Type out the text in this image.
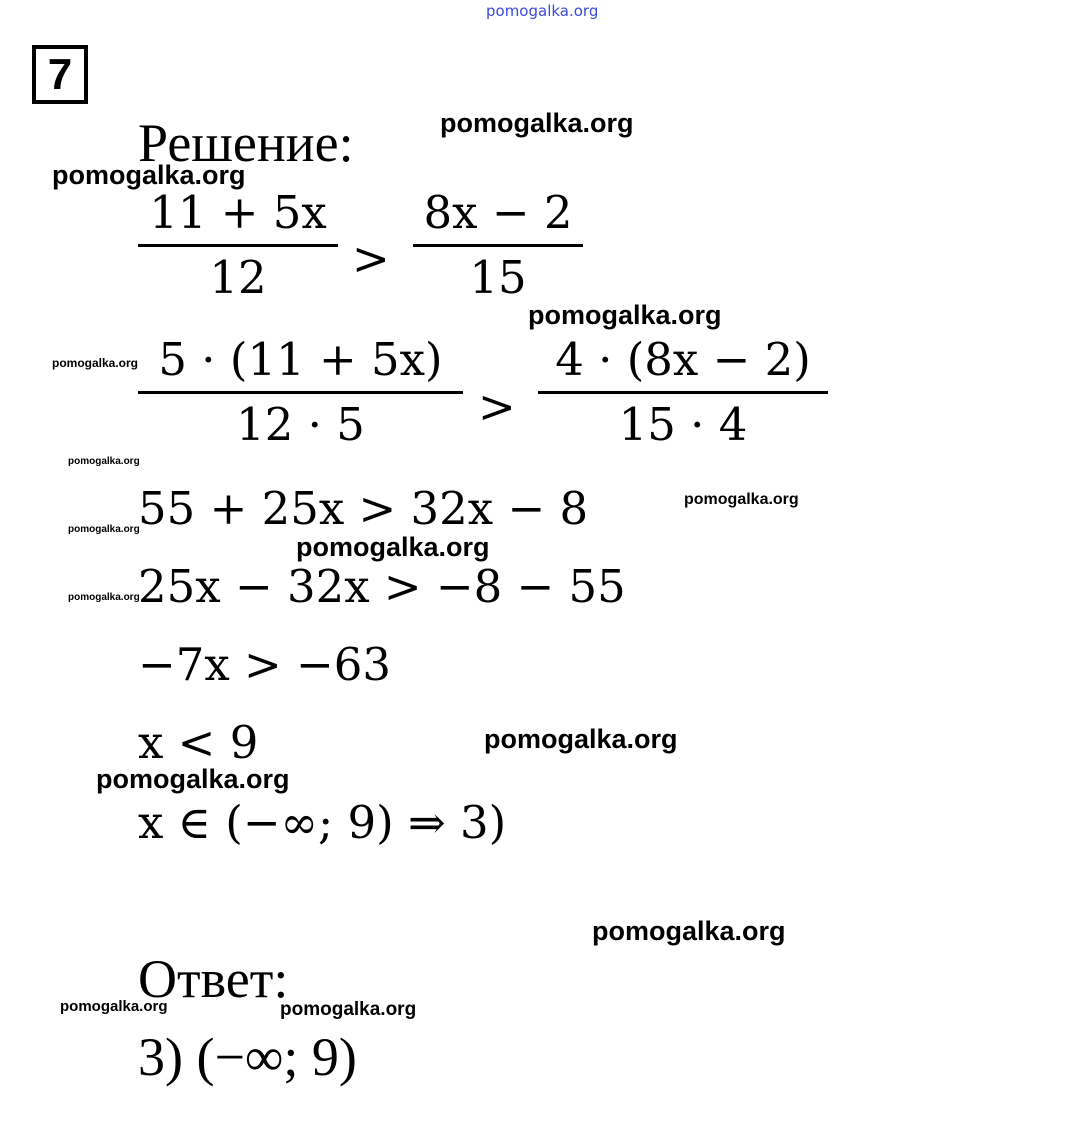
pomogalka.org
7
Решение:
11 + 5x
12 >
8x − 2
15
5 · (11 + 5x)
12 · 5	>
4 · (8x − 2)
15 · 4
55 + 25x > 32x − 8
25x − 32x > −8 − 55
−7x > −63
x < 9
x ∈ (−∞; 9) ⇒ 3)
Ответ:
3) (−∞; 9)
pomogalka.org
pomogalka.org
pomogalka.org
pomogalka.org
pomogalka.org
pomogalka.org
pomogalka.org
pomogalka.org
pomogalka.org
pomogalka.org
pomogalka.org
pomogalka.org
pomogalka.org	pomogalka.org
